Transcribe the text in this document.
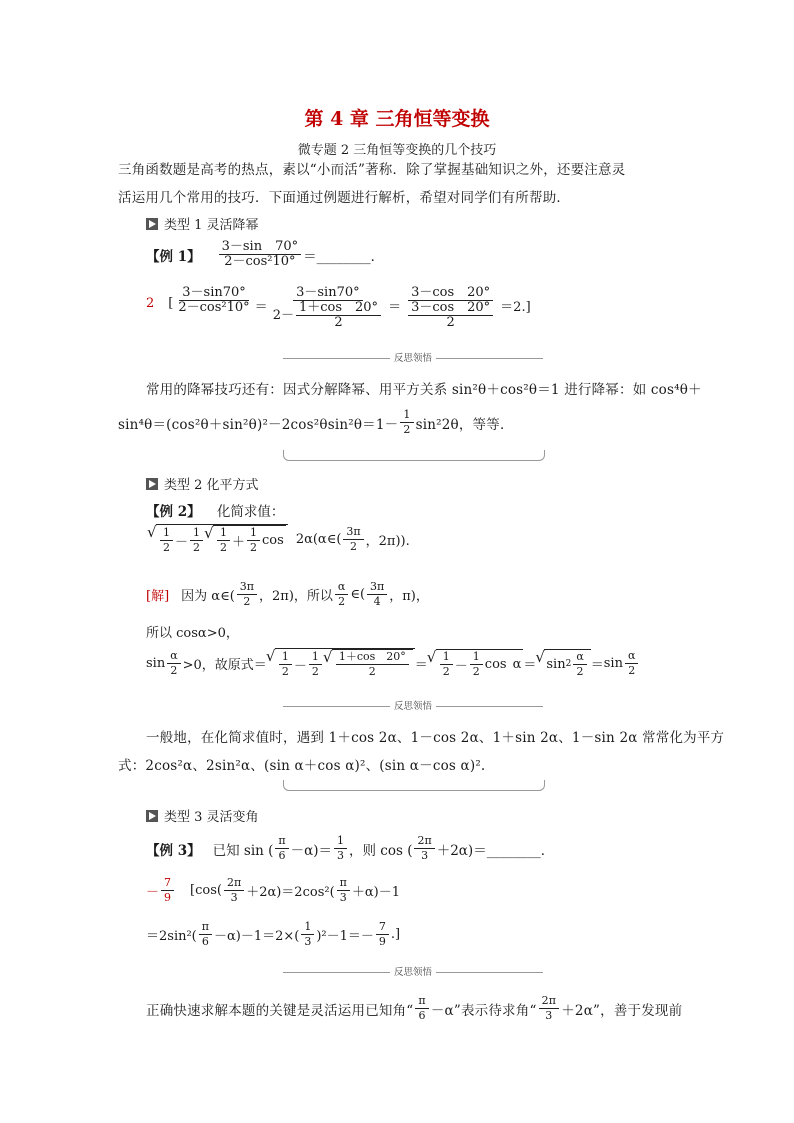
第 4 章 三角恒等变换
微专题 2 三角恒等变换的几个技巧
三角函数题是高考的热点，素以“小而活”著称．除了掌握基础知识之外，还要注意灵
活运用几个常用的技巧．下面通过例题进行解析，希望对同学们有所帮助．
类型 1 灵活降幂
【例 1】 $\frac{3-\sin 70^\circ}{\text{2－cos²10°}}$ ＝________．
2 [ $\frac{3-\sin 70^\circ}{\text{2－cos²10°}} = \frac{3-\sin 70^\circ}{2- \frac{1+\cos 20^\circ}{2}} = \frac{3-\cos 20^\circ}{\frac{3-\cos 20^\circ}{2}} =2$.]
反思领悟
常用的降幂技巧还有：因式分解降幂、用平方关系 sin²θ＋cos²θ＝1 进行降幂：如 cos⁴θ＋
$\sin^4\theta=(\cos^2\theta+\sin^2\theta)^2-2\cos^2\theta\sin^2\theta=1- \frac{1}{2} \sin^22\theta$，等等．
类型 2 化平方式
【例 2】 化简求值：
√ $\frac{1}{2} - \frac{1}{2}$ √ $\frac{1}{2} + \frac{1}{2}$ cos 2α(α∈( $\frac{3\pi}{2}$ ，2π)).
[解] 因为 α∈( $\frac{3\pi}{2}$ ，2π)，所以 $\frac{\alpha}{2}$ ∈( $\frac{3\pi}{4}$ ，π)，
所以 cosα>0，
$\sin \frac{\alpha}{2} >0$，故原式＝ √ $\frac{1}{2} - \frac{1}{2}$ √ $\frac{1+\cos 20^\circ}{2}$ ＝ √ $\frac{1}{2} - \frac{1}{2}$ cos α ＝ √ $\sin 2 \frac{\alpha}{2} = \sin \frac{\alpha}{2}$
反思领悟
一般地，在化简求值时，遇到 1＋cos 2α、1－cos 2α、1＋sin 2α、1－sin 2α 常常化为平方
式：2cos²α、2sin²α、(sin α＋cos α)²、(sin α－cos α)².
类型 3 灵活变角
【例 3】 已知 sin ( $\frac{\pi}{6} -\alpha)= \frac{1}{3}$ ，则 cos ( $\frac{2\pi}{3}$ ＋2α)＝________．
－ $\frac{7}{9} [\cos( \frac{2\pi}{3} +2\alpha)=2\cos^2( \frac{\pi}{3} +\alpha)-1$
$=2\sin^2( \frac{\pi}{6} -\alpha)-1=2\times( \frac{1}{3} )^2-1=- \frac{7}{9}$ .]
反思领悟
正确快速求解本题的关键是灵活运用已知角“ $\frac{\pi}{6} -\alpha$”表示待求角“ $\frac{2\pi}{3} +2\alpha$”，善于发现前
